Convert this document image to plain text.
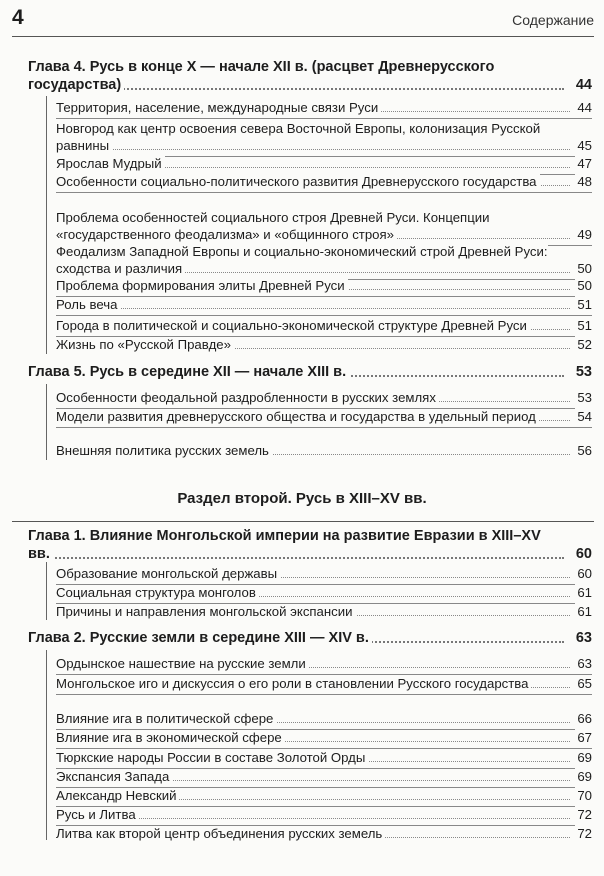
4	Содержание
Глава 4. Русь в конце X — начале XII в. (расцвет Древнерусского государства)	44
Территория, население, международные связи Руси	44
Новгород как центр освоения севера Восточной Европы, колонизация Русской равнины	45
Ярослав Мудрый	47
Особенности социально-политического развития Древнерусского государства	48
Проблема особенностей социального строя Древней Руси. Концепции «государственного феодализма» и «общинного строя»	49
Феодализм Западной Европы и социально-экономический строй Древней Руси: сходства и различия	50
Проблема формирования элиты Древней Руси	50
Роль веча	51
Города в политической и социально-экономической структуре Древней Руси	51
Жизнь по «Русской Правде»	52
Глава 5. Русь в середине XII — начале XIII в.	53
Особенности феодальной раздробленности в русских землях	53
Модели развития древнерусского общества и государства в удельный период	54
Внешняя политика русских земель	56
Раздел второй. Русь в XIII–XV вв.
Глава 1. Влияние Монгольской империи на развитие Евразии в XIII–XV вв.	60
Образование монгольской державы	60
Социальная структура монголов	61
Причины и направления монгольской экспансии	61
Глава 2. Русские земли в середине XIII — XIV в.	63
Ордынское нашествие на русские земли	63
Монгольское иго и дискуссия о его роли в становлении Русского государства	65
Влияние ига в политической сфере	66
Влияние ига в экономической сфере	67
Тюркские народы России в составе Золотой Орды	69
Экспансия Запада	69
Александр Невский	70
Русь и Литва	72
Литва как второй центр объединения русских земель	72
